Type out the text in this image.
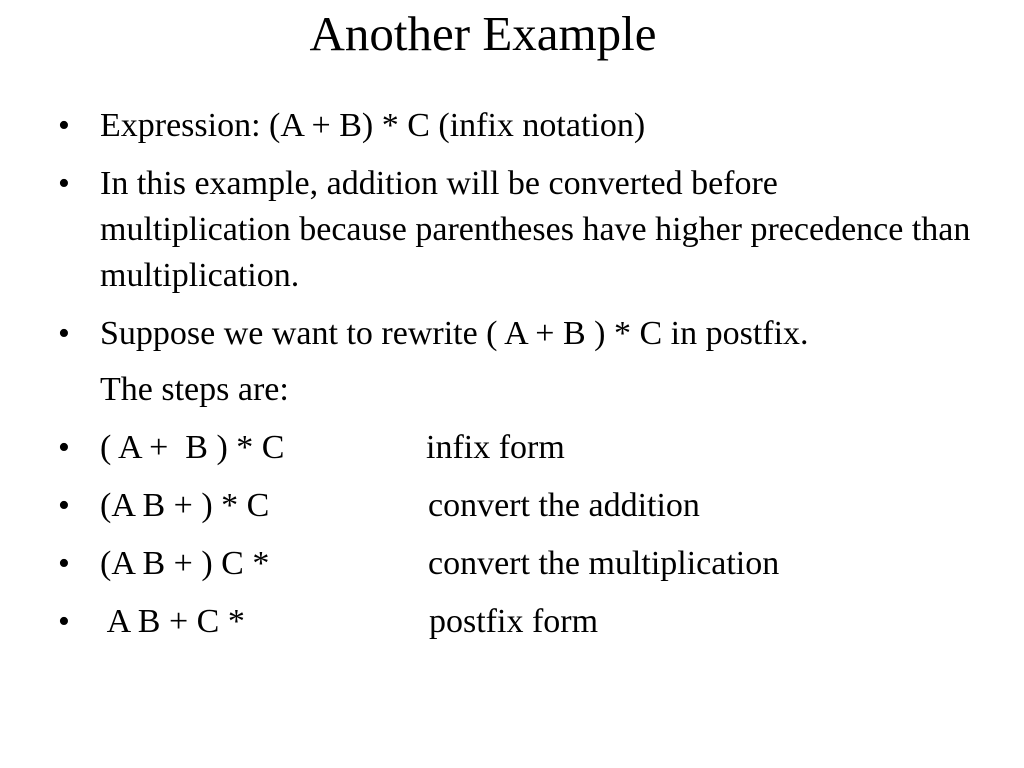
Another Example
• Expression: (A + B) * C (infix notation)
• In this example, addition will be converted before multiplication because parentheses have higher precedence than multiplication.
• Suppose we want to rewrite ( A + B ) * C in postfix.
The steps are:
• ( A +  B ) * C	infix form
• (A B + ) * C	convert the addition
• (A B + ) C *	convert the multiplication
• A B + C *	postfix form
